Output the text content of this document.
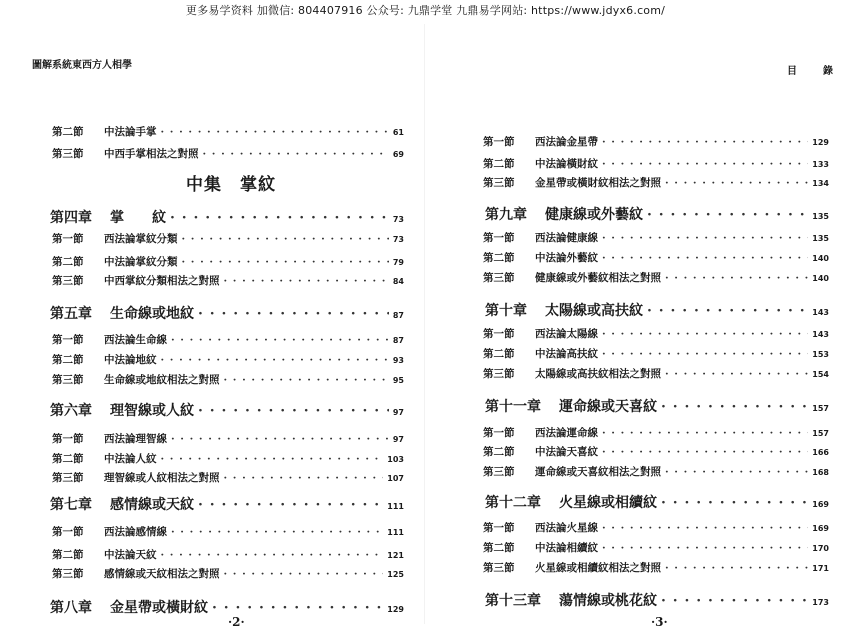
更多易学资料 加微信: 804407916 公众号: 九鼎学堂 九鼎易学网站: https://www.jdyx6.com/
圖解系統東西方人相學
中集　掌紋
第二節	中法論手掌 · · ·	61
第三節	中西手掌相法之對照 · · ·	69
第四章 掌　　紋 · · ·	73
第一節	西法論掌紋分類 · · ·	73
第二節	中法論掌紋分類 · · ·	79
第三節	中西掌紋分類相法之對照 · · ·	84
第五章 生命線或地紋 · · ·	87
第一節	西法論生命線 · · ·	87
第二節	中法論地紋 · · ·	93
第三節	生命線或地紋相法之對照 · · ·	95
第六章 理智線或人紋 · · ·	97
第一節	西法論理智線 · · ·	97
第二節	中法論人紋 · · ·	103
第三節	理智線或人紋相法之對照 · · ·	107
第七章 感情線或天紋 · · ·	111
第一節	西法論感情線 · · ·	111
第二節	中法論天紋 · · ·	121
第三節	感情線或天紋相法之對照 · · ·	125
第八章 金星帶或橫財紋 · · ·	129
·2·
目　錄
第一節	西法論金星帶 · · ·	129
第二節	中法論橫財紋 · · ·	133
第三節	金星帶或橫財紋相法之對照 · · ·	134
第九章 健康線或外藝紋 · · ·	135
第一節	西法論健康線 · · ·	135
第二節	中法論外藝紋 · · ·	140
第三節	健康線或外藝紋相法之對照 · · ·	140
第十章 太陽線或高扶紋 · · ·	143
第一節	西法論太陽線 · · ·	143
第二節	中法論高扶紋 · · ·	153
第三節	太陽線或高扶紋相法之對照 · · ·	154
第十一章 運命線或天喜紋 · · ·	157
第一節	西法論運命線 · · ·	157
第二節	中法論天喜紋 · · ·	166
第三節	運命線或天喜紋相法之對照 · · ·	168
第十二章 火星線或相續紋 · · ·	169
第一節	西法論火星線 · · ·	169
第二節	中法論相續紋 · · ·	170
第三節	火星線或相續紋相法之對照 · · ·	171
第十三章 蕩情線或桃花紋 · · ·	173
·3·
